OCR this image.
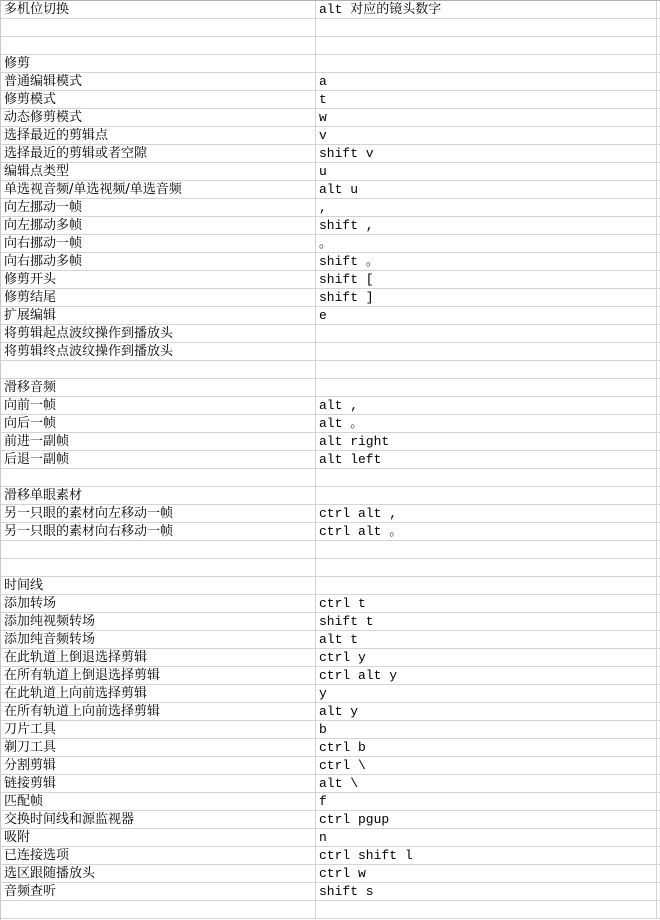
多机位切换	alt 对应的镜头数字
修剪
普通编辑模式	a
修剪模式	t
动态修剪模式	w
选择最近的剪辑点	v
选择最近的剪辑或者空隙	shift v
编辑点类型	u
单选视音频/单选视频/单选音频	alt u
向左挪动一帧	,
向左挪动多帧	shift ,
向右挪动一帧	。
向右挪动多帧	shift 。
修剪开头	shift [
修剪结尾	shift ]
扩展编辑	e
将剪辑起点波纹操作到播放头
将剪辑终点波纹操作到播放头
滑移音频
向前一帧	alt ,
向后一帧	alt 。
前进一副帧	alt right
后退一副帧	alt left
滑移单眼素材
另一只眼的素材向左移动一帧	ctrl alt ,
另一只眼的素材向右移动一帧	ctrl alt 。
时间线
添加转场	ctrl t
添加纯视频转场	shift t
添加纯音频转场	alt t
在此轨道上倒退选择剪辑	ctrl y
在所有轨道上倒退选择剪辑	ctrl alt y
在此轨道上向前选择剪辑	y
在所有轨道上向前选择剪辑	alt y
刀片工具	b
剃刀工具	ctrl b
分割剪辑	ctrl \
链接剪辑	alt \
匹配帧	f
交换时间线和源监视器	ctrl pgup
吸附	n
已连接选项	ctrl shift l
选区跟随播放头	ctrl w
音频查听	shift s
